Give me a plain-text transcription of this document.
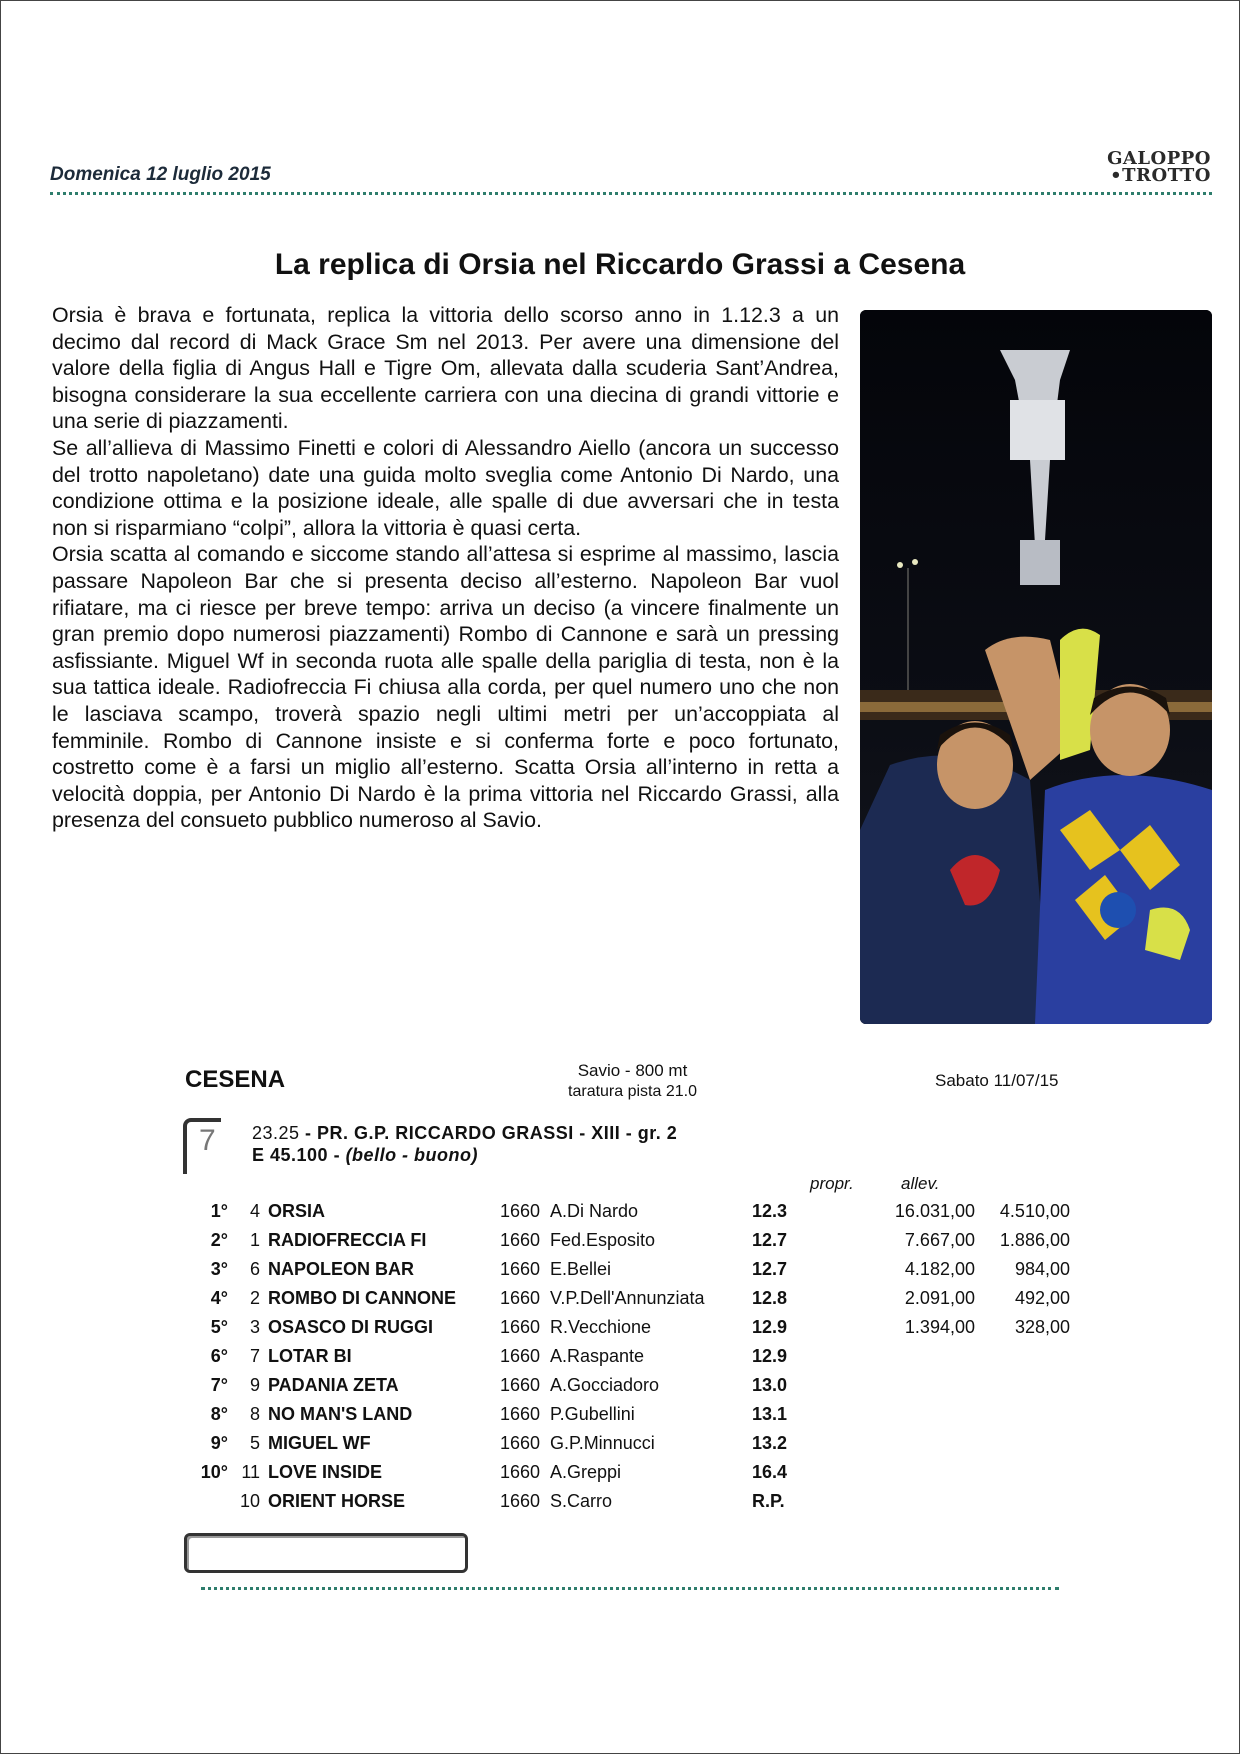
Domenica 12 luglio 2015
GALOPPO
•TROTTO
La replica di Orsia nel Riccardo Grassi a Cesena

Orsia è brava e fortunata, replica la vittoria dello scorso anno in 1.12.3 a un decimo dal record di Mack Grace Sm nel 2013. Per avere una dimensione del valore della figlia di Angus Hall e Tigre Om, allevata dalla scuderia Sant’Andrea, bisogna considerare la sua eccellente carriera con una diecina di grandi vittorie e una serie di piazzamenti.

Se all’allieva di Massimo Finetti e colori di Alessandro Aiello (ancora un successo del trotto napoletano) date una guida molto sveglia come Antonio Di Nardo, una condizione ottima e la posizione ideale, alle spalle di due avversari che in testa non si risparmiano “colpi”, allora la vittoria è quasi certa.

Orsia scatta al comando e siccome stando all’attesa si esprime al massimo, lascia passare Napoleon Bar che si presenta deciso all’esterno. Napoleon Bar vuol rifiatare, ma ci riesce per breve tempo: arriva un deciso (a vincere finalmente un gran premio dopo numerosi piazzamenti) Rombo di Cannone e sarà un pressing asfissiante. Miguel Wf in seconda ruota alle spalle della pariglia di testa, non è la sua tattica ideale. Radiofreccia Fi chiusa alla corda, per quel numero uno che non le lasciava scampo, troverà spazio negli ultimi metri per un’accoppiata al femminile. Rombo di Cannone insiste e si conferma forte e poco fortunato, costretto come è a farsi un miglio all’esterno. Scatta Orsia all’interno in retta a velocità doppia, per Antonio Di Nardo è la prima vittoria nel Riccardo Grassi, alla presenza del consueto pubblico numeroso al Savio.

CESENA	Savio - 800 mt
taratura pista 21.0
Sabato 11/07/15
7 23.25 - PR. G.P. RICCARDO GRASSI - XIII - gr. 2
E 45.100 - (bello - buono)
propr.	allev.
1°	4 ORSIA	1660 A.Di Nardo	12.3	16.031,00	4.510,00
2°	1 RADIOFRECCIA FI	1660 Fed.Esposito	12.7	7.667,00	1.886,00
3°	6 NAPOLEON BAR	1660 E.Bellei	12.7	4.182,00	984,00
4°	2 ROMBO DI CANNONE 1660 V.P.Dell'Annunziata	12.8	2.091,00	492,00
5°	3 OSASCO DI RUGGI	1660 R.Vecchione	12.9	1.394,00	328,00
6°	7 LOTAR BI	1660 A.Raspante	12.9
7°	9 PADANIA ZETA	1660 A.Gocciadoro	13.0
8°	8 NO MAN'S LAND	1660 P.Gubellini	13.1
9°	5 MIGUEL WF	1660 G.P.Minnucci	13.2
10° 11 LOVE INSIDE	1660 A.Greppi	16.4
10 ORIENT HORSE	1660 S.Carro	R.P.
